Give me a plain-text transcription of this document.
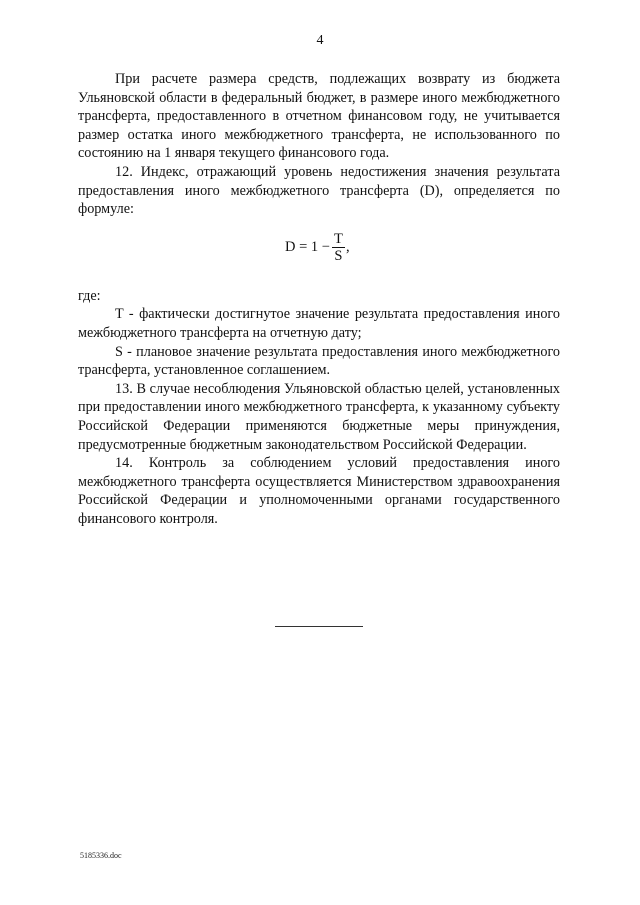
4

При расчете размера средств, подлежащих возврату из бюджета Ульяновской области в федеральный бюджет, в размере иного межбюджетного трансферта, предоставленного в отчетном финансовом году, не учитывается размер остатка иного межбюджетного трансферта, не использованного по состоянию на 1 января текущего финансового года.

12. Индекс, отражающий уровень недостижения значения результата предоставления иного межбюджетного трансферта (D), определяется по формуле:

$D = 1 - \frac{T}{S}$ ,

где:

T - фактически достигнутое значение результата предоставления иного межбюджетного трансферта на отчетную дату;

S - плановое значение результата предоставления иного межбюджетного трансферта, установленное соглашением.

13. В случае несоблюдения Ульяновской областью целей, установленных при предоставлении иного межбюджетного трансферта, к указанному субъекту Российской Федерации применяются бюджетные меры принуждения, предусмотренные бюджетным законодательством Российской Федерации.

14. Контроль за соблюдением условий предоставления иного межбюджетного трансферта осуществляется Министерством здравоохранения Российской Федерации и уполномоченными органами государственного финансового контроля.

5185336.doc
